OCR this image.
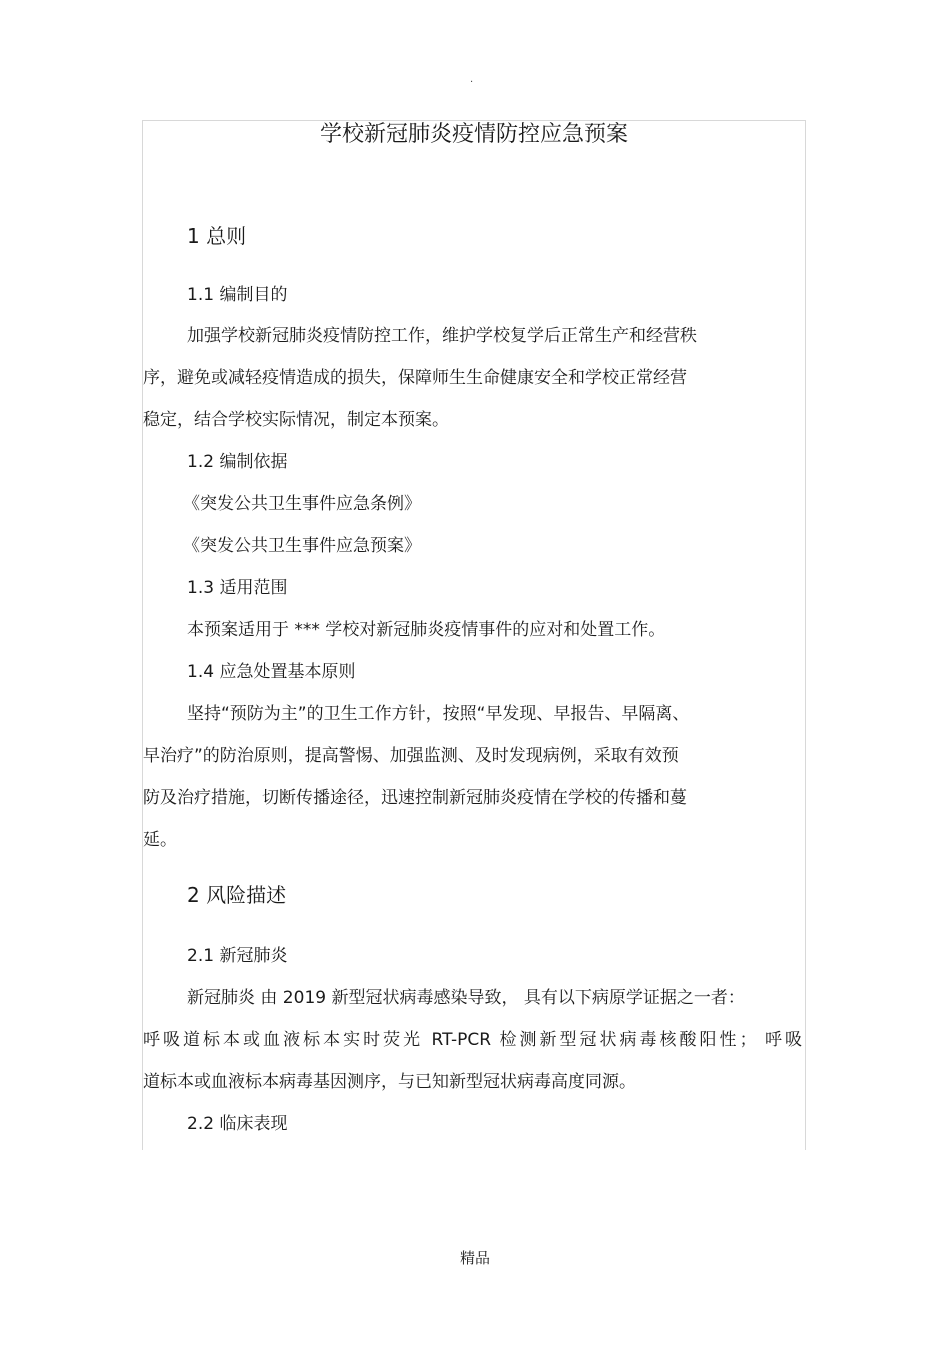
.
学校新冠肺炎疫情防控应急预案
1 总则
1.1 编制目的
加强学校新冠肺炎疫情防控工作，维护学校复学后正常生产和经营秩
序，避免或减轻疫情造成的损失，保障师生生命健康安全和学校正常经营
稳定，结合学校实际情况，制定本预案。
1.2 编制依据
《突发公共卫生事件应急条例》
《突发公共卫生事件应急预案》
1.3 适用范围
本预案适用于 *** 学校对新冠肺炎疫情事件的应对和处置工作。
1.4 应急处置基本原则
坚持“预防为主”的卫生工作方针，按照“早发现、早报告、早隔离、
早治疗”的防治原则，提高警惕、加强监测、及时发现病例，采取有效预
防及治疗措施，切断传播途径，迅速控制新冠肺炎疫情在学校的传播和蔓
延。
2 风险描述
2.1 新冠肺炎
新冠肺炎 由 2019 新型冠状病毒感染导致， 具有以下病原学证据之一者：
呼吸道标本或血液标本实时荧光 RT-PCR 检测新型冠状病毒核酸阳性； 呼吸
道标本或血液标本病毒基因测序，与已知新型冠状病毒高度同源。
2.2 临床表现
精品
